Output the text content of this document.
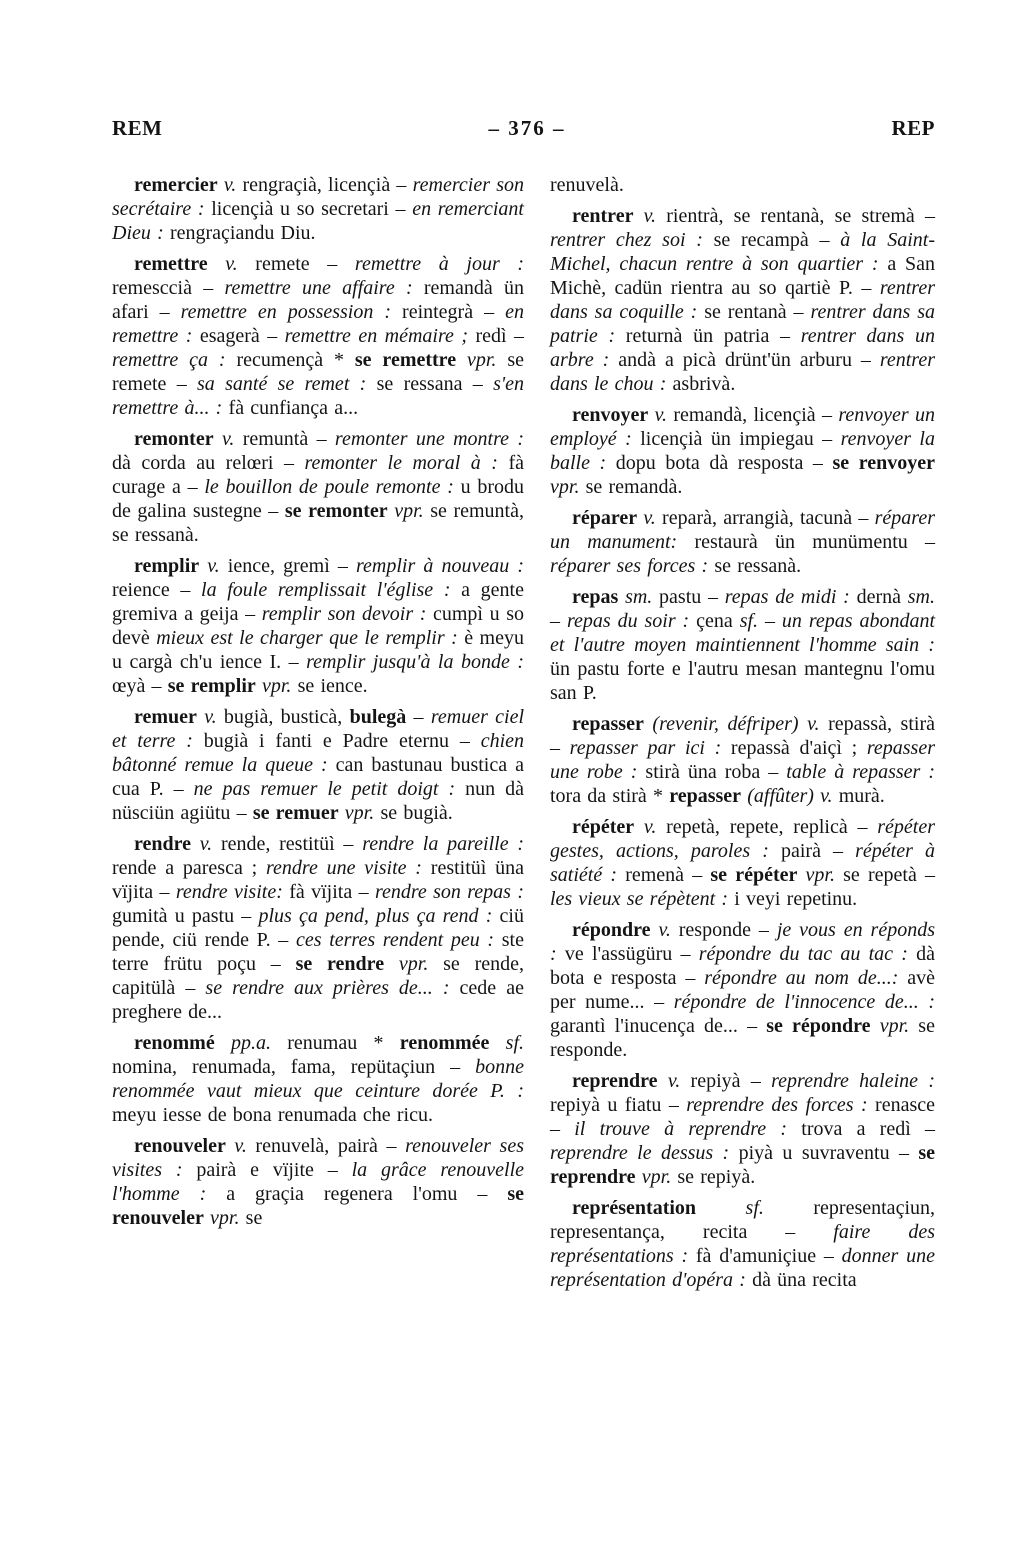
REM	– 376 –	REP

remercier v. rengraçià, licençià – remercier son secrétaire : licençià u so secretari – en remerciant Dieu : rengraçiandu Diu.

remettre v. remete – remettre à jour : remesccià – remettre une affaire : remandà ün afari – remettre en possession : reintegrà – en remettre : esagerà – remettre en mémaire ; redì – remettre ça : recumençà * se remettre vpr. se remete – sa santé se remet : se ressana – s'en remettre à... : fà cunfiança a...

remonter v. remuntà – remonter une montre : dà corda au relœri – remonter le moral à : fà curage a – le bouillon de poule remonte : u brodu de galina sustegne – se remonter vpr. se remuntà, se ressanà.

remplir v. ience, gremì – remplir à nouveau : reience – la foule remplissait l'église : a gente gremiva a geija – remplir son devoir : cumpì u so devè mieux est le charger que le remplir : è meyu u cargà ch'u ience I. – remplir jusqu'à la bonde : œyà – se remplir vpr. se ience.

remuer v. bugià, busticà, bulegà – remuer ciel et terre : bugià i fanti e Padre eternu – chien bâtonné remue la queue : can bastunau bustica a cua P. – ne pas remuer le petit doigt : nun dà nüsciün agiütu – se remuer vpr. se bugià.

rendre v. rende, restitüì – rendre la pareille : rende a paresca ; rendre une visite : restitüì üna vïjita – rendre visite: fà vïjita – rendre son repas : gumità u pastu – plus ça pend, plus ça rend : ciü pende, ciü rende P. – ces terres rendent peu : ste terre frütu poçu – se rendre vpr. se rende, capitülà – se rendre aux prières de... : cede ae preghere de...

renommé pp.a. renumau * renommée sf. nomina, renumada, fama, repütaçiun – bonne renommée vaut mieux que ceinture dorée P. : meyu iesse de bona renumada che ricu.

renouveler v. renuvelà, pairà – renouveler ses visites : pairà e vïjite – la grâce renouvelle l'homme : a graçia regenera l'omu – se renouveler vpr. se

renuvelà.

rentrer v. rientrà, se rentanà, se stremà – rentrer chez soi : se recampà – à la Saint-Michel, chacun rentre à son quartier : a San Michè, cadün rientra au so qartiè P. – rentrer dans sa coquille : se rentanà – rentrer dans sa patrie : returnà ün patria – rentrer dans un arbre : andà a picà drünt'ün arburu – rentrer dans le chou : asbrivà.

renvoyer v. remandà, licençià – renvoyer un employé : licençià ün impiegau – renvoyer la balle : dopu bota dà resposta – se renvoyer vpr. se remandà.

réparer v. reparà, arrangià, tacunà – réparer un manument: restaurà ün munümentu – réparer ses forces : se ressanà.

repas sm. pastu – repas de midi : dernà sm. – repas du soir : çena sf. – un repas abondant et l'autre moyen maintiennent l'homme sain : ün pastu forte e l'autru mesan mantegnu l'omu san P.

repasser (revenir, défriper) v. repassà, stirà – repasser par ici : repassà d'aiçì ; repasser une robe : stirà üna roba – table à repasser : tora da stirà * repasser (affûter) v. murà.

répéter v. repetà, repete, replicà – répéter gestes, actions, paroles : pairà – répéter à satiété : remenà – se répéter vpr. se repetà – les vieux se répètent : i veyi repetinu.

répondre v. responde – je vous en réponds : ve l'assügüru – répondre du tac au tac : dà bota e resposta – répondre au nom de...: avè per nume... – répondre de l'innocence de... : garantì l'inucença de... – se répondre vpr. se responde.

reprendre v. repiyà – reprendre haleine : repiyà u fiatu – reprendre des forces : renasce – il trouve à reprendre : trova a redì – reprendre le dessus : piyà u suvraventu – se reprendre vpr. se repiyà.

représentation sf. representaçiun, representança, recita – faire des représentations : fà d'amuniçiue – donner une représentation d'opéra : dà üna recita
